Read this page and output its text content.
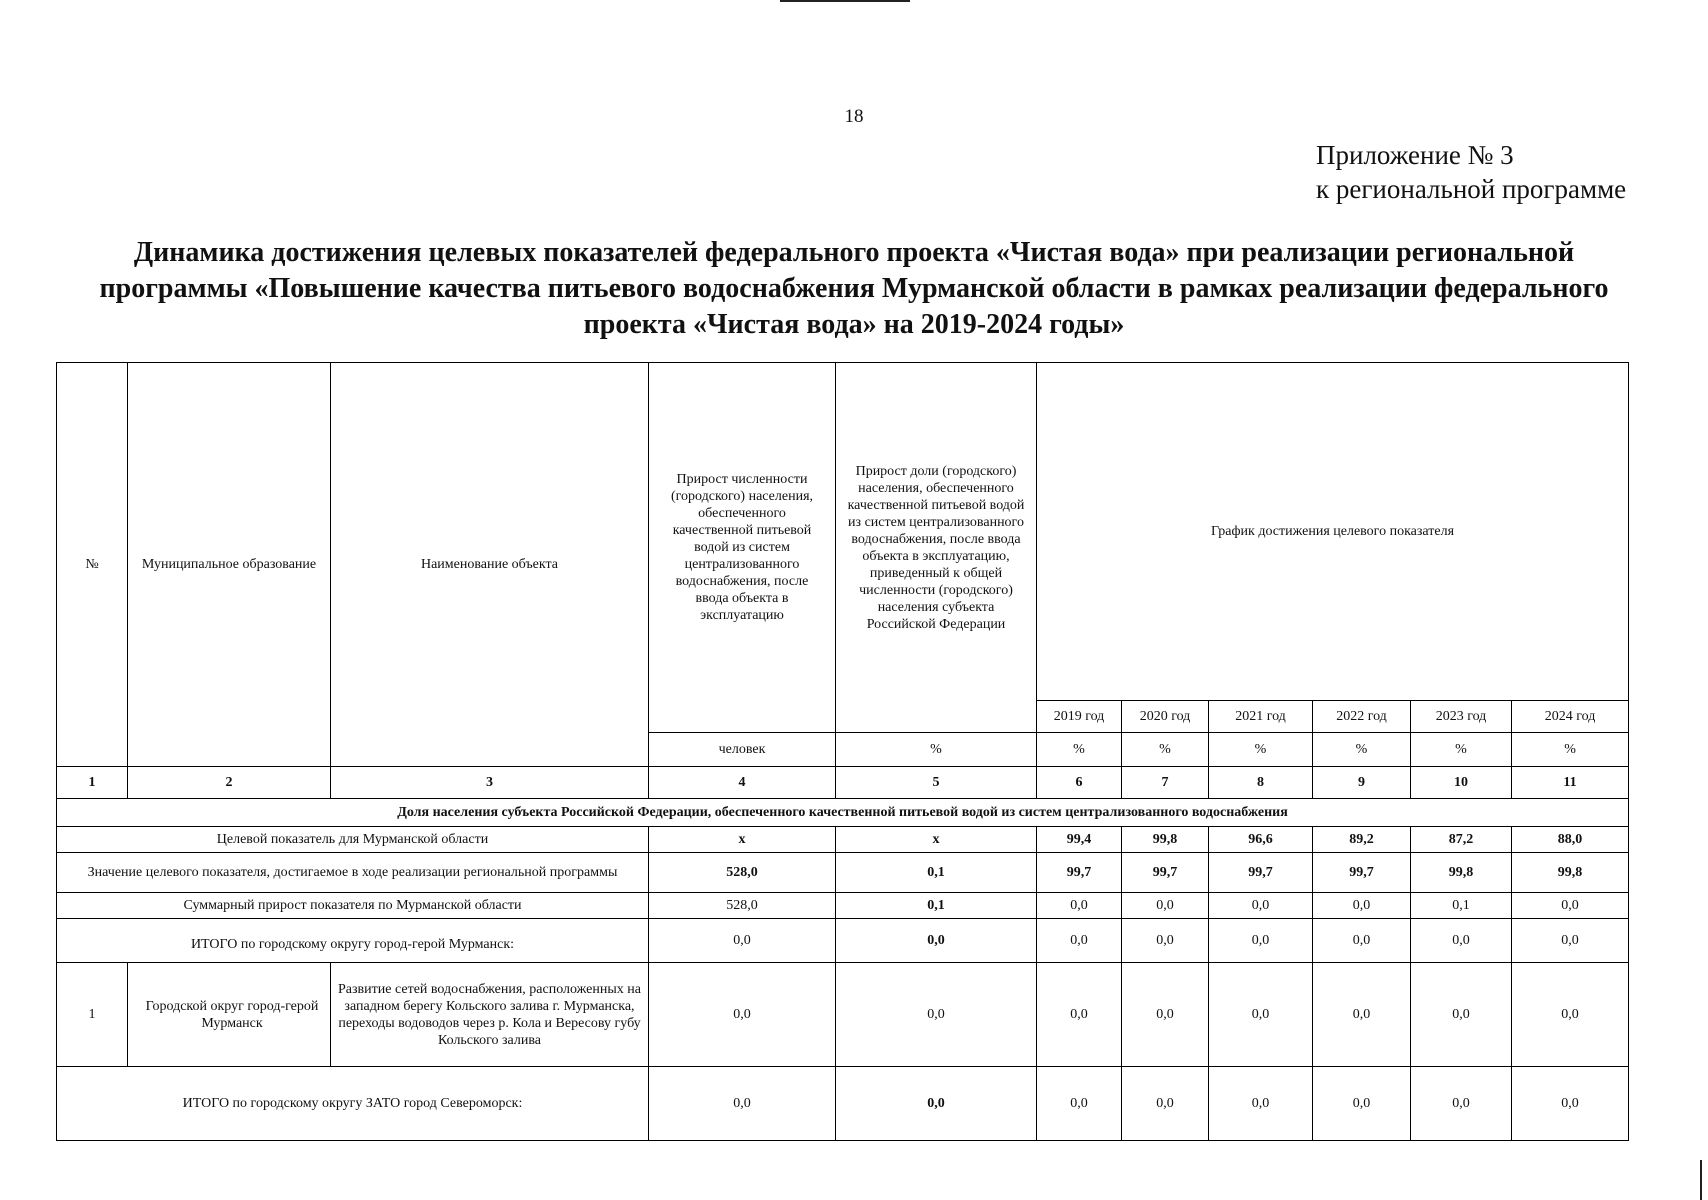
18
Приложение № 3
к региональной программе
Динамика достижения целевых показателей федерального проекта «Чистая вода» при реализации региональной программы «Повышение качества питьевого водоснабжения Мурманской области в рамках реализации федерального проекта «Чистая вода» на 2019-2024 годы»
№	Муниципальное образование	Наименование объекта	Прирост численности (городского) населения, обеспеченного качественной питьевой водой из систем централизованного водоснабжения, после ввода объекта в эксплуатацию	Прирост доли (городского) населения, обеспеченного качественной питьевой водой из систем централизованного водоснабжения, после ввода объекта в эксплуатацию, приведенный к общей численности (городского) населения субъекта Российской Федерации	График достижения целевого показателя					
					2019 год	2020 год	2021 год	2022 год	2023 год	2024 год
			человек	%	%	%	%	%	%	%
1	2	3	4	5	6	7	8	9	10	11
Доля населения субъекта Российской Федерации, обеспеченного качественной питьевой водой из систем централизованного водоснабжения										
Целевой показатель для Мурманской области			x	x	99,4	99,8	96,6	89,2	87,2	88,0
Значение целевого показателя, достигаемое в ходе реализации региональной программы			528,0	0,1	99,7	99,7	99,7	99,7	99,8	99,8
Суммарный прирост показателя по Мурманской области			528,0	0,1	0,0	0,0	0,0	0,0	0,1	0,0
ИТОГО по городскому округу город-герой Мурманск:			0,0	0,0	0,0	0,0	0,0	0,0	0,0	0,0
1	Городской округ город-герой Мурманск	Развитие сетей водоснабжения, расположенных на западном берегу Кольского залива г. Мурманска, переходы водоводов через р. Кола и Вересову губу Кольского залива	0,0	0,0	0,0	0,0	0,0	0,0	0,0	0,0
ИТОГО по городскому округу ЗАТО город Североморск:			0,0	0,0	0,0	0,0	0,0	0,0	0,0	0,0
